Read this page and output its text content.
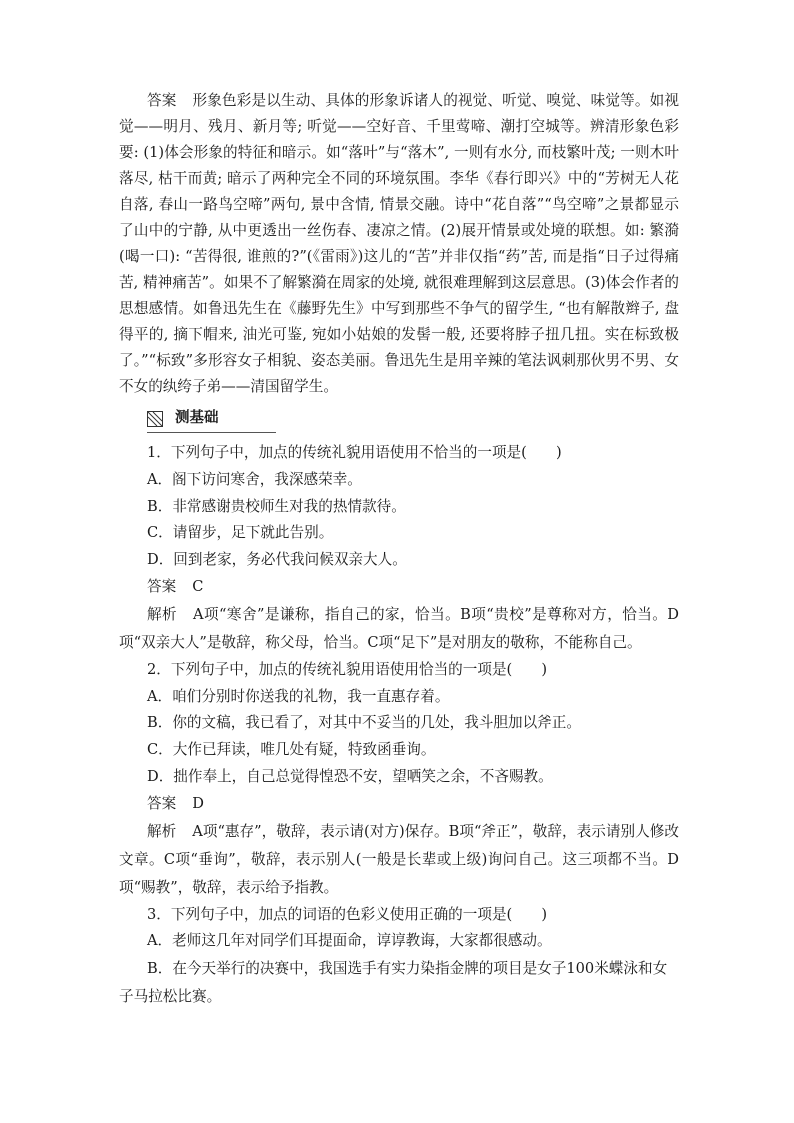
答案 形象色彩是以生动、具体的形象诉诸人的视觉、听觉、嗅觉、味觉等。如视觉——明月、残月、新月等; 听觉——空好音、千里莺啼、潮打空城等。辨清形象色彩要: (1)体会形象的特征和暗示。如“落叶”与“落木”, 一则有水分, 而枝繁叶茂; 一则木叶落尽, 枯干而黄; 暗示了两种完全不同的环境氛围。李华《春行即兴》中的“芳树无人花自落, 春山一路鸟空啼”两句, 景中含情, 情景交融。诗中“花自落”“鸟空啼”之景都显示了山中的宁静, 从中更透出一丝伤春、凄凉之情。(2)展开情景或处境的联想。如: 繁漪(喝一口): “苦得很, 谁煎的?”(《雷雨》)这儿的“苦”并非仅指“药”苦, 而是指“日子过得痛苦, 精神痛苦”。如果不了解繁漪在周家的处境, 就很难理解到这层意思。(3)体会作者的思想感情。如鲁迅先生在《藤野先生》中写到那些不争气的留学生, “也有解散辫子, 盘得平的, 摘下帽来, 油光可鉴, 宛如小姑娘的发髻一般, 还要将脖子扭几扭。实在标致极了。”“标致”多形容女子相貌、姿态美丽。鲁迅先生是用辛辣的笔法讽刺那伙男不男、女不女的纨绔子弟——清国留学生。

测基础

1．下列句子中，加点的传统礼貌用语使用不恰当的一项是(　　)

A．阁下访问寒舍，我深感荣幸。

B．非常感谢贵校师生对我的热情款待。

C．请留步，足下就此告别。

D．回到老家，务必代我问候双亲大人。

答案 C

解析 A项“寒舍”是谦称，指自己的家，恰当。B项“贵校”是尊称对方，恰当。D项“双亲大人”是敬辞，称父母，恰当。C项“足下”是对朋友的敬称，不能称自己。

2．下列句子中，加点的传统礼貌用语使用恰当的一项是(　　)

A．咱们分别时你送我的礼物，我一直惠存着。

B．你的文稿，我已看了，对其中不妥当的几处，我斗胆加以斧正。

C．大作已拜读，唯几处有疑，特致函垂询。

D．拙作奉上，自己总觉得惶恐不安，望哂笑之余，不吝赐教。

答案 D

解析 A项“惠存”，敬辞，表示请(对方)保存。B项“斧正”，敬辞，表示请别人修改文章。C项“垂询”，敬辞，表示别人(一般是长辈或上级)询问自己。这三项都不当。D项“赐教”，敬辞，表示给予指教。

3．下列句子中，加点的词语的色彩义使用正确的一项是(　　)

A．老师这几年对同学们耳提面命，谆谆教诲，大家都很感动。

B．在今天举行的决赛中，我国选手有实力染指金牌的项目是女子100米蝶泳和女子马拉松比赛。
